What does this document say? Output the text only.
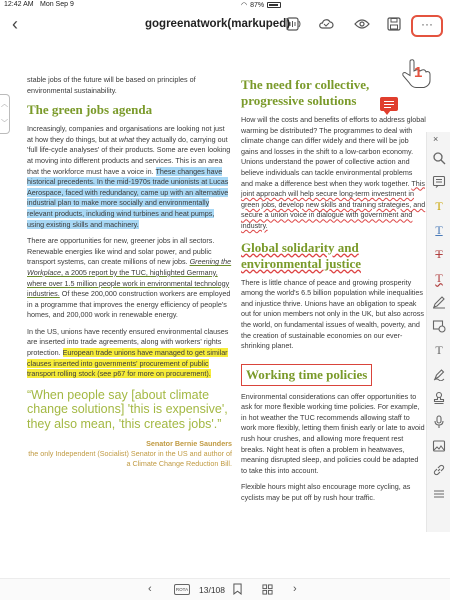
12:42 AM Mon Sep 9	◠ 87%
‹	gogreenatwork(markuped)	···
1
︿
﹀

stable jobs of the future will be based on principles of environmental sustainability.

The green jobs agenda

Increasingly, companies and organisations are looking not just at how they do things, but at what they actually do, carrying out 'full life-cycle analyses' of their products. Some are even looking at moving into different products and services. This is an area that the workforce must have a voice in. These changes have historical precedents. In the mid-1970s trade unionists at Lucas Aerospace, faced with redundancy, came up with an alternative industrial plan to make more socially and environmentally relevant products, including wind turbines and heat pumps, using existing skills and machinery.

There are opportunities for new, greener jobs in all sectors. Renewable energies like wind and solar power, and public transport systems, can create millions of new jobs. Greening the Workplace, a 2005 report by the TUC, highlighted Germany, where over 1.5 million people work in environmental technology industries. Of these 200,000 construction workers are employed in a programme that improves the energy efficiency of people's homes, and 200,000 work in renewable energy.

In the US, unions have recently ensured environmental clauses are inserted into trade agreements, along with workers' rights protection. European trade unions have managed to get similar clauses inserted into governments' procurement of public transport rolling stock (see p67 for more on procurement).

“When people say [about climate change solutions] 'this is expensive', they also mean, 'this creates jobs'.”
Senator Bernie Saunders
the only Independent (Socialist) Senator in the US and author of a Climate Change Reduction Bill.
The need for collective, progressive solutions

How will the costs and benefits of efforts to address global warming be distributed? The programmes to deal with climate change can differ widely and there will be job gains and losses in the shift to a low-carbon economy. Unions understand the power of collective action and believe individuals can tackle environmental problems and make a difference best when they work together. This joint approach will help secure long-term investment in green jobs, develop new skills and training strategies, and secure a union voice in dialogue with government and industry.

Global solidarity and environmental justice

There is little chance of peace and growing prosperity among the world's 6.5 billion population while inequalities and injustice thrive. Unions have an obligation to speak out for union members not only in the UK, but also across the world, on fundamental issues of wealth, poverty, and the creation of sustainable economies on our ever-shrinking planet.

Working time policies

Environmental considerations can offer opportunities to ask for more flexible working time policies. For example, in hot weather the TUC recommends allowing staff to work more flexibly, letting them finish early or late to avoid rush hour crushes, and allowing more frequent rest breaks. Night heat is often a problem in heatwaves, meaning disrupted sleep, and policies could be adapted to take this into account.

Flexible hours might also encourage more cycling, as cyclists may be put off by rush hour traffic.

×
T
T
T
T
T
‹	ROTA 13/108	›
